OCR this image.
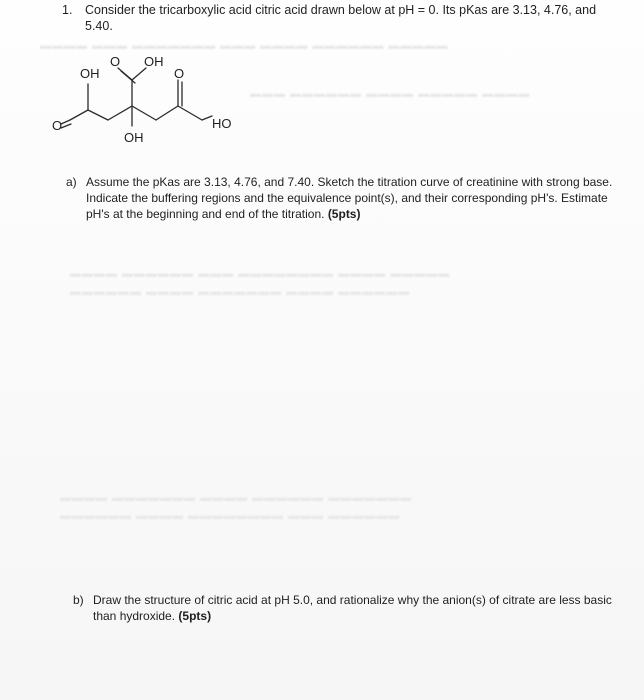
▬▬▬▬ ▬▬▬ ▬▬▬▬▬▬▬ ▬▬▬ ▬▬▬▬ ▬▬▬▬▬▬ ▬▬▬▬▬
▬▬▬ ▬▬▬▬▬▬ ▬▬▬▬ ▬▬▬▬▬ ▬▬▬▬
▬▬▬▬ ▬▬▬▬▬▬ ▬▬▬ ▬▬▬▬▬▬▬▬ ▬▬▬▬ ▬▬▬▬▬
▬▬▬▬▬▬ ▬▬▬▬ ▬▬▬▬▬▬▬ ▬▬▬▬ ▬▬▬▬▬▬
▬▬▬▬ ▬▬▬▬▬▬▬ ▬▬▬▬ ▬▬▬▬▬▬ ▬▬▬▬▬▬▬
▬▬▬▬▬▬ ▬▬▬▬ ▬▬▬▬▬▬▬▬ ▬▬▬ ▬▬▬▬▬▬
1. Consider the tricarboxylic acid citric acid drawn below at pH = 0. Its pKas are 3.13, 4.76, and 5.40.
OH
O OH
O
O
OH
HO
a) Assume the pKas are 3.13, 4.76, and 7.40. Sketch the titration curve of creatinine with strong base. Indicate the buffering regions and the equivalence point(s), and their corresponding pH's. Estimate pH's at the beginning and end of the titration. (5pts)
b) Draw the structure of citric acid at pH 5.0, and rationalize why the anion(s) of citrate are less basic than hydroxide. (5pts)
